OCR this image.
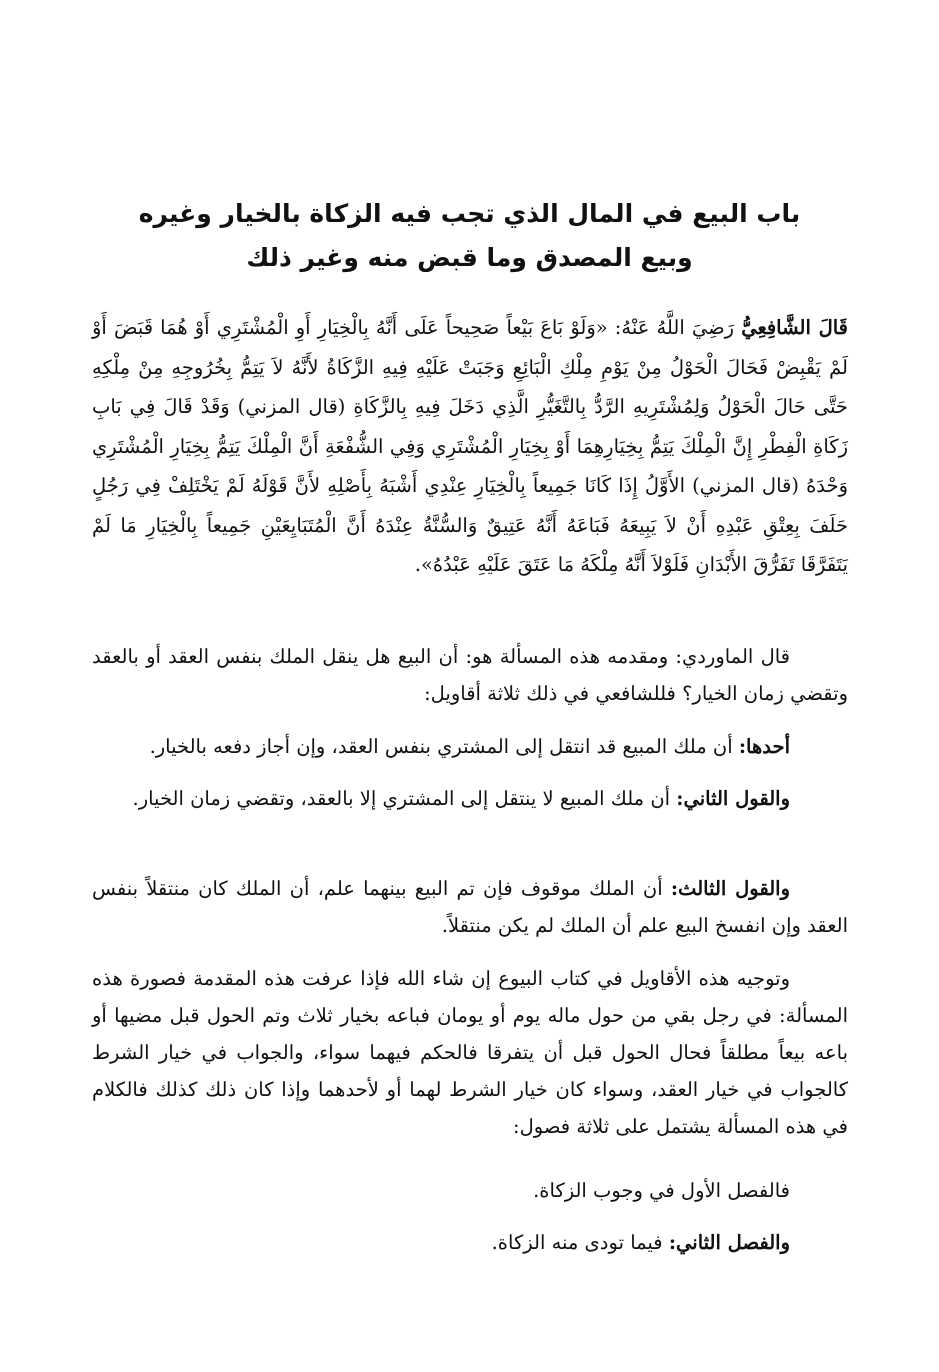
باب البيع في المال الذي تجب فيه الزكاة بالخيار وغيره
وبيع المصدق وما قبض منه وغير ذلك
قَالَ الشَّافِعِيُّ رَضِيَ اللَّهُ عَنْهُ: «وَلَوْ بَاعَ بَيْعاً صَحِيحاً عَلَى أَنَّهُ بِالْخِيَارِ أَوِ الْمُشْتَرِي أَوْ هُمَا قَبَضَ أَوْ لَمْ يَقْبِضْ فَحَالَ الْحَوْلُ مِنْ يَوْمِ مِلْكِ الْبَائِعِ وَجَبَتْ عَلَيْهِ فِيهِ الزَّكَاةُ لأَنَّهُ لاَ يَتِمُّ بِخُرُوجِهِ مِنْ مِلْكِهِ حَتَّى حَالَ الْحَوْلُ وَلِمُشْتَرِيهِ الرَّدُّ بِالتَّغَيُّرِ الَّذِي دَخَلَ فِيهِ بِالزَّكَاةِ (قال المزني) وَقَدْ قَالَ فِي بَابِ زَكَاةِ الْفِطْرِ إِنَّ الْمِلْكَ يَتِمُّ بِخِيَارِهِمَا أَوْ بِخِيَارِ الْمُشْتَرِي وَفِي الشُّفْعَةِ أَنَّ الْمِلْكَ يَتِمُّ بِخِيَارِ الْمُشْتَرِي وَحْدَهُ (قال المزني) الأَوَّلُ إِذَا كَانَا جَمِيعاً بِالْخِيَارِ عِنْدِي أَشْبَهُ بِأَصْلِهِ لأَنَّ قَوْلَهُ لَمْ يَخْتَلِفْ فِي رَجُلٍ حَلَفَ بِعِتْقِ عَبْدِهِ أَنْ لاَ يَبِيعَهُ فَبَاعَهُ أَنَّهُ عَتِيقٌ وَالسُّنَّةُ عِنْدَهُ أَنَّ الْمُتَبَايِعَيْنِ جَمِيعاً بِالْخِيَارِ مَا لَمْ يَتَفَرَّقَا تَفَرُّقَ الأَبْدَانِ فَلَوْلاَ أَنَّهُ مِلْكَهُ مَا عَتَقَ عَلَيْهِ عَبْدُهُ».
قال الماوردي: ومقدمه هذه المسألة هو: أن البيع هل ينقل الملك بنفس العقد أو بالعقد وتقضي زمان الخيار؟ فللشافعي في ذلك ثلاثة أقاويل:
أحدها: أن ملك المبيع قد انتقل إلى المشتري بنفس العقد، وإن أجاز دفعه بالخيار.
والقول الثاني: أن ملك المبيع لا ينتقل إلى المشتري إلا بالعقد، وتقضي زمان الخيار.
والقول الثالث: أن الملك موقوف فإن تم البيع بينهما علم، أن الملك كان منتقلاً بنفس العقد وإن انفسخ البيع علم أن الملك لم يكن منتقلاً.
وتوجيه هذه الأقاويل في كتاب البيوع إن شاء الله فإذا عرفت هذه المقدمة فصورة هذه المسألة: في رجل بقي من حول ماله يوم أو يومان فباعه بخيار ثلاث وتم الحول قبل مضيها أو باعه بيعاً مطلقاً فحال الحول قبل أن يتفرقا فالحكم فيهما سواء، والجواب في خيار الشرط كالجواب في خيار العقد، وسواء كان خيار الشرط لهما أو لأحدهما وإذا كان ذلك كذلك فالكلام في هذه المسألة يشتمل على ثلاثة فصول:
فالفصل الأول في وجوب الزكاة.
والفصل الثاني: فيما تودى منه الزكاة.
